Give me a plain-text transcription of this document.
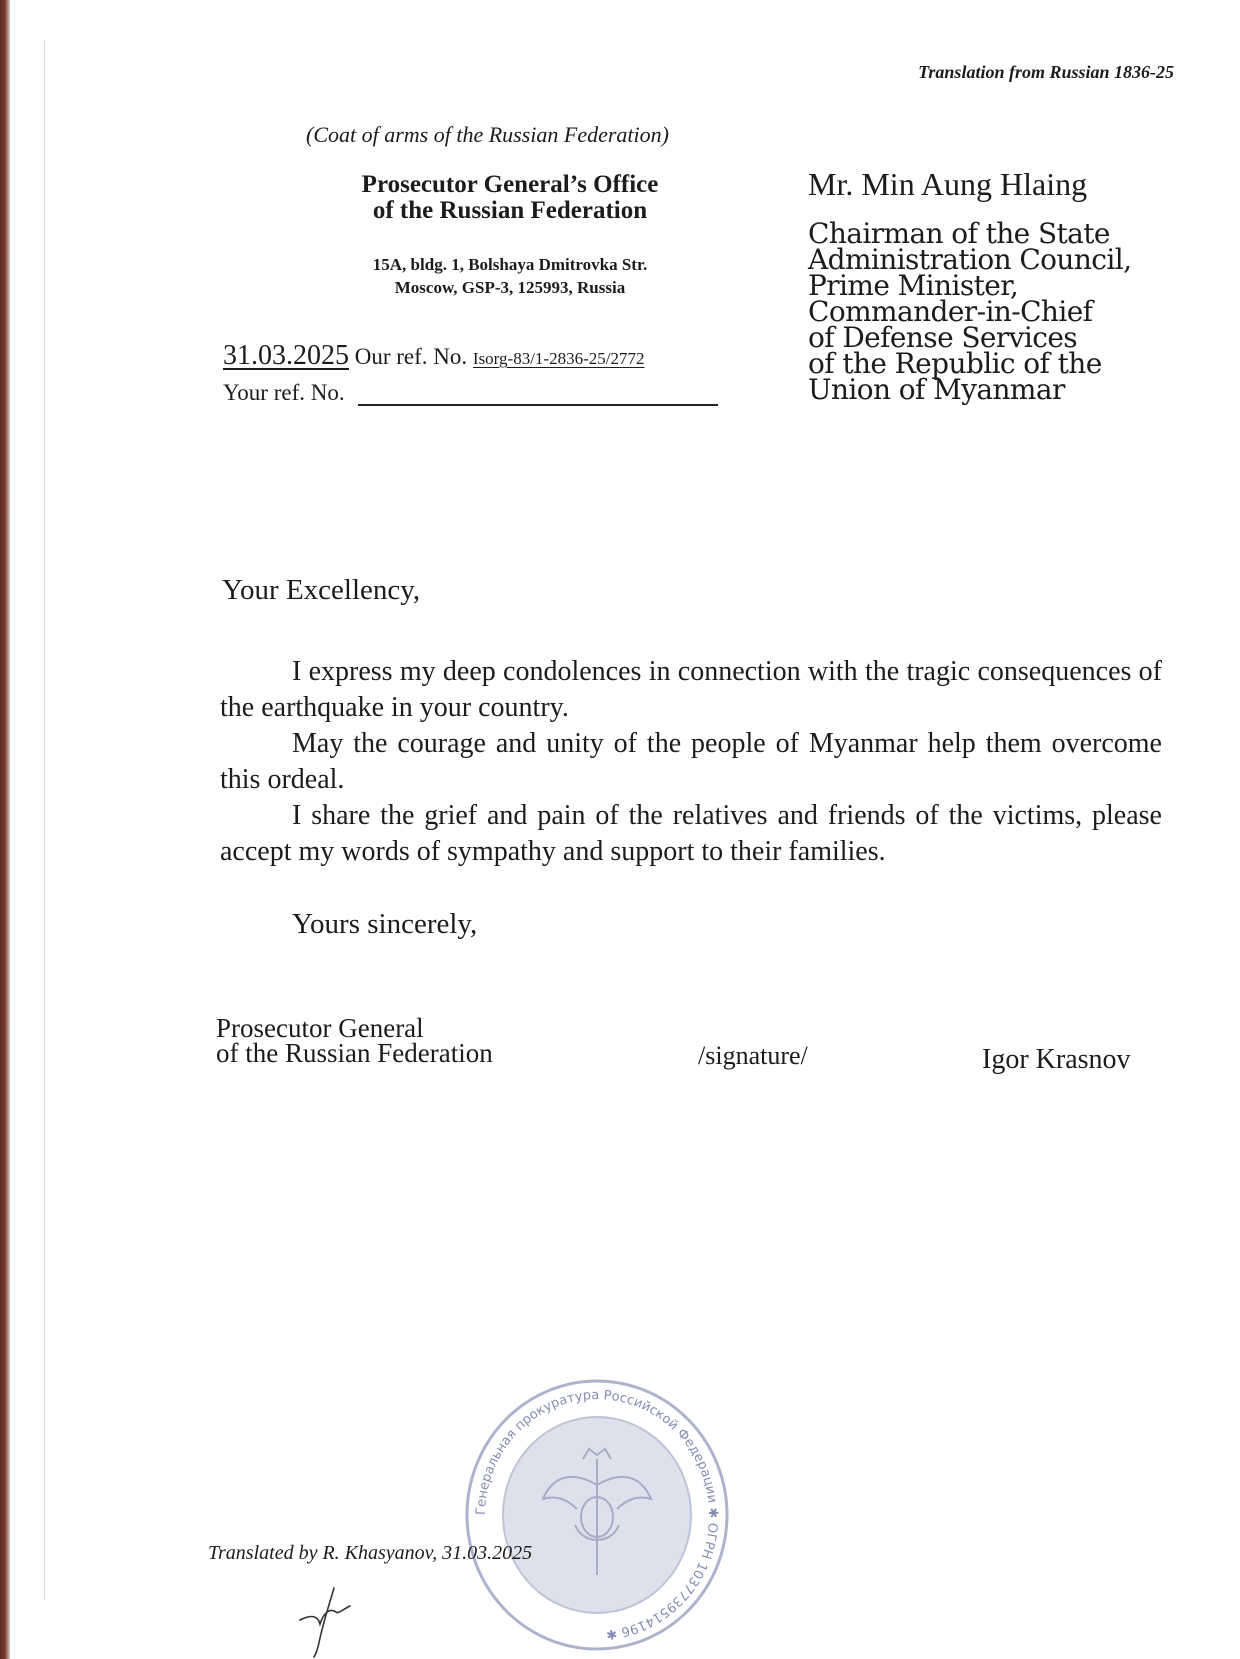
Translation from Russian 1836-25
(Coat of arms of the Russian Federation)
Prosecutor General’s Office
of the Russian Federation
15A, bldg. 1, Bolshaya Dmitrovka Str.
Moscow, GSP-3, 125993, Russia
31.03.2025 Our ref. No. Isorg-83/1-2836-25/2772
Your ref. No.
Mr. Min Aung Hlaing
Chairman of the State
Administration Council,
Prime Minister,
Commander-in-Chief
of Defense Services
of the Republic of the
Union of Myanmar
Your Excellency,

I express my deep condolences in connection with the tragic consequences of the earthquake in your country.

May the courage and unity of the people of Myanmar help them overcome this ordeal.

I share the grief and pain of the relatives and friends of the victims, please accept my words of sympathy and support to their families.

Yours sincerely,
Prosecutor General
of the Russian Federation	/signature/	Igor Krasnov
Генеральная прокуратура Российской Федерации ✱ ОГРН 1037739514196 ✱
Translated by R. Khasyanov, 31.03.2025
